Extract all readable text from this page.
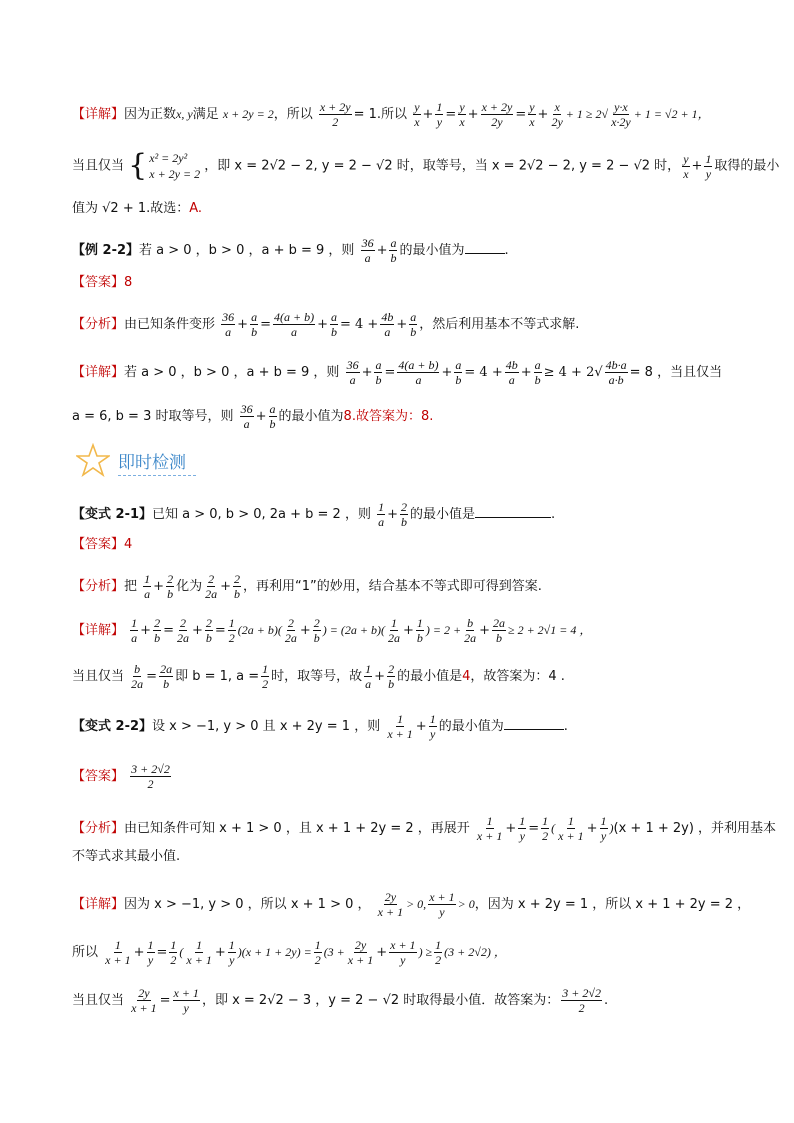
【详解】因为正数x, y满足 x + 2y = 2，所以 $\frac{x + 2y}{2} = 1$.所以 $\frac{y}{x} + \frac{1}{y} = \frac{y}{x} + \frac{x + 2y}{2y} = \frac{y}{x} + \frac{x}{2y} + 1 \ge 2√ \frac{y\cdot x}{x\cdot 2y} + 1 = √2 + 1$，
当且仅当 { x² = 2y²
x + 2y = 2
，即 x = 2√2 − 2, y = 2 − √2 时，取等号，当 x = 2√2 − 2, y = 2 − √2 时， $\frac{y}{x} + \frac{1}{y}$ 取得的最小
值为 √2 + 1.故选：A.
【例 2-2】若 a > 0 ，b > 0 ，a + b = 9 ，则 $\frac{36}{a} + \frac{a}{b}$ 的最小值为	.
【答案】8
【分析】由已知条件变形 $\frac{36}{a} + \frac{a}{b} = \frac{4(a + b)}{a} + \frac{a}{b} = 4 + \frac{4b}{a} + \frac{a}{b}$ ，然后利用基本不等式求解.
【详解】若 a > 0 ，b > 0 ，a + b = 9 ，则 $\frac{36}{a} + \frac{a}{b} = \frac{4(a + b)}{a} + \frac{a}{b} = 4 + \frac{4b}{a} + \frac{a}{b} \ge 4 + 2√ \frac{4b\cdot a}{a\cdot b} = 8$ ，当且仅当
a = 6, b = 3 时取等号，则 $\frac{36}{a} + \frac{a}{b}$ 的最小值为8.故答案为：8.
即时检测
【变式 2-1】已知 a > 0, b > 0, 2a + b = 2 ，则 $\frac{1}{a} + \frac{2}{b}$ 的最小值是	.
【答案】4
【分析】把 $\frac{1}{a} + \frac{2}{b}$ 化为 $\frac{2}{2a} + \frac{2}{b}$ ，再利用“1”的妙用，结合基本不等式即可得到答案.
【详解】 $\frac{1}{a} + \frac{2}{b} = \frac{2}{2a} + \frac{2}{b} = \frac{1}{2} (2a + b)( \frac{2}{2a} + \frac{2}{b}$ ) = $(2a + b)( \frac{1}{2a} + \frac{1}{b}$ ) = $2 + \frac{b}{2a} + \frac{2a}{b} \ge 2 + 2√1 = 4$ ，
当且仅当 $\frac{b}{2a} = \frac{2a}{b}$ 即 b = 1, $a = \frac{1}{2}$ 时，取等号，故 $\frac{1}{a} + \frac{2}{b}$ 的最小值是4，故答案为：4 .
【变式 2-2】设 x > −1, y > 0 且 x + 2y = 1 ，则 $\frac{1}{x + 1} + \frac{1}{y}$ 的最小值为	.
【答案】 $\frac{3 + 2√2}{2}$
【分析】由已知条件可知 x + 1 > 0 ，且 x + 1 + 2y = 2 ，再展开 $\frac{1}{x + 1} + \frac{1}{y} = \frac{1}{2}$ ( $\frac{1}{x + 1} + \frac{1}{y} )(x + 1 + 2y)$ ，并利用基本
不等式求其最小值.
【详解】因为 x > −1, y > 0 ，所以 x + 1 > 0 ， $\frac{2y}{x + 1} > 0$, $\frac{x + 1}{y} > 0$，因为 x + 2y = 1 ，所以 x + 1 + 2y = 2 ，
所以 $\frac{1}{x + 1} + \frac{1}{y} = \frac{1}{2}$ ( $\frac{1}{x + 1} + \frac{1}{y} )(x + 1 + 2y) = \frac{1}{2} (3 + \frac{2y}{x + 1} + \frac{x + 1}{y}$ ) ≥ $\frac{1}{2} (3 + 2√2)$ ，
当且仅当 $\frac{2y}{x + 1} = \frac{x + 1}{y}$ ，即 x = 2√2 − 3 ，y = 2 − √2 时取得最小值．故答案为： $\frac{3 + 2√2}{2}$ .
